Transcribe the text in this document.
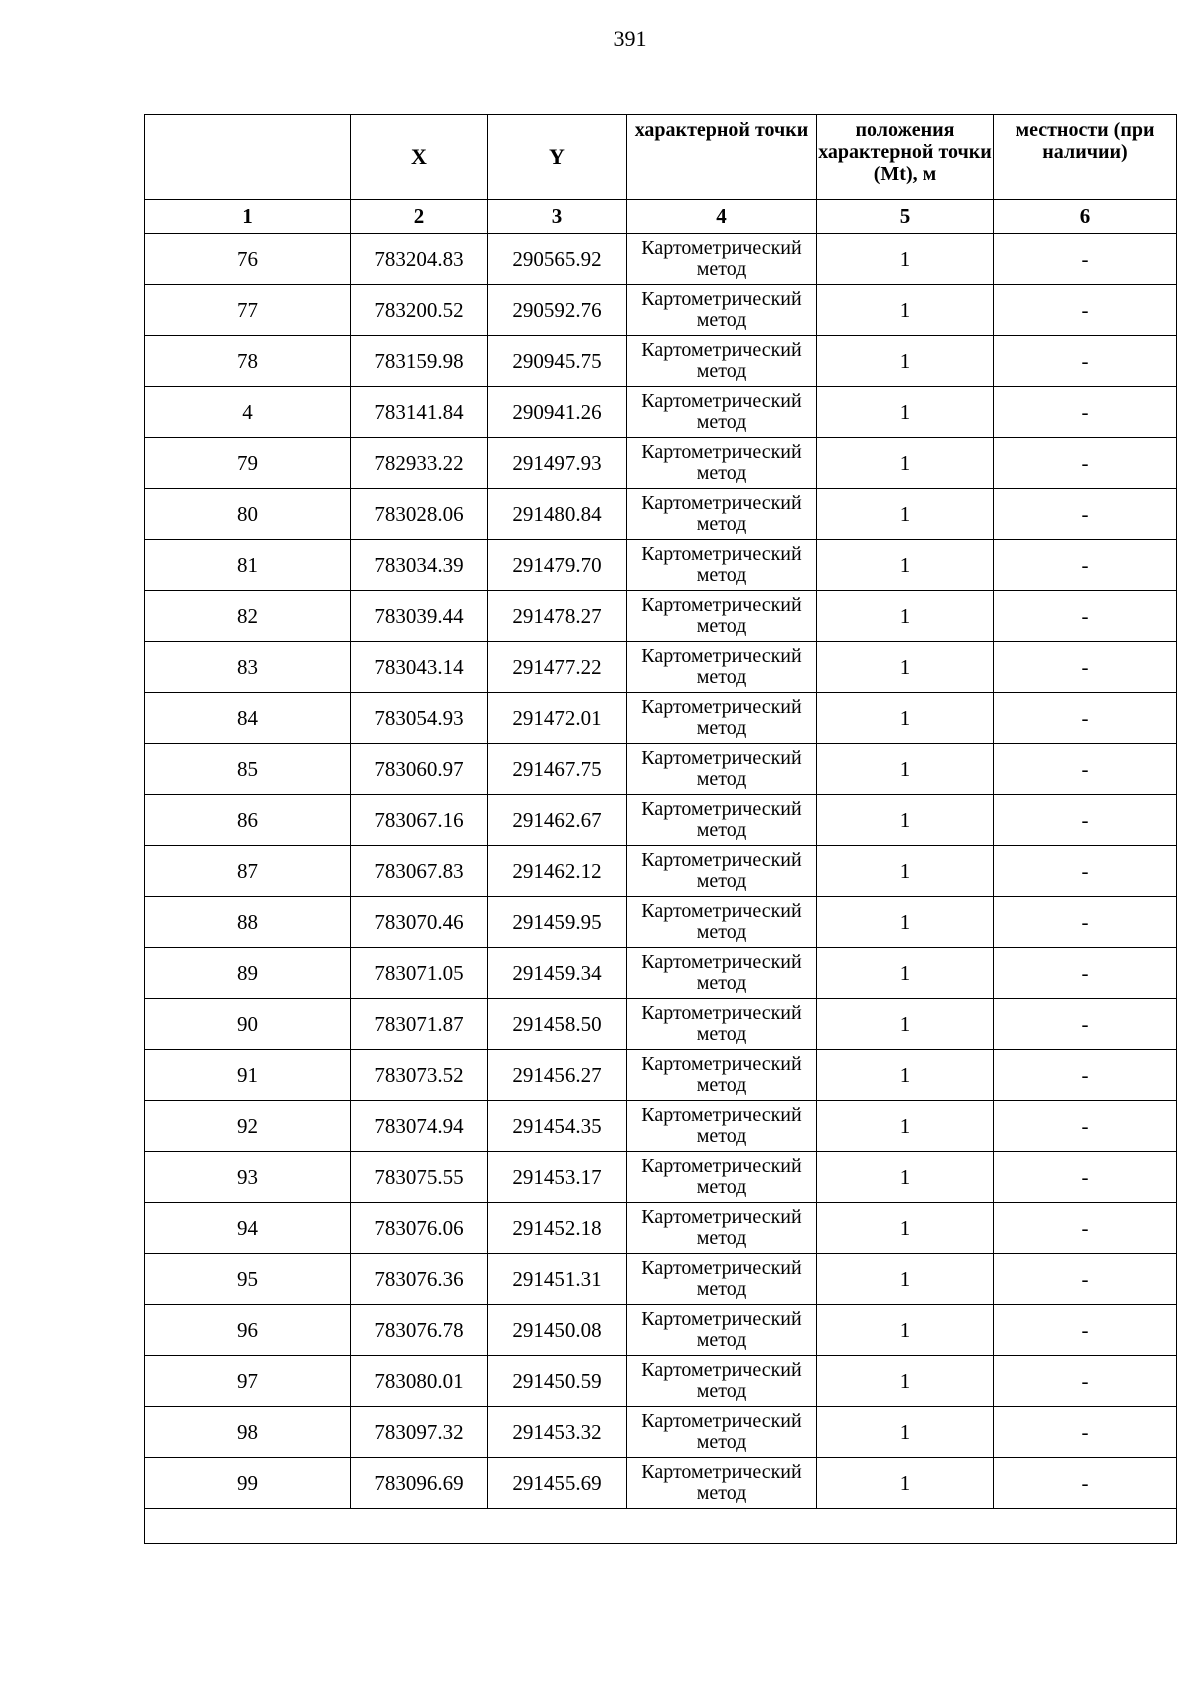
391
	X	Y	характерной точки	положения характерной точки (Mt), м	местности (при наличии)
1	2	3	4	5	6
76	783204.83	290565.92	Картометрический метод	1	-
77	783200.52	290592.76	Картометрический метод	1	-
78	783159.98	290945.75	Картометрический метод	1	-
4	783141.84	290941.26	Картометрический метод	1	-
79	782933.22	291497.93	Картометрический метод	1	-
80	783028.06	291480.84	Картометрический метод	1	-
81	783034.39	291479.70	Картометрический метод	1	-
82	783039.44	291478.27	Картометрический метод	1	-
83	783043.14	291477.22	Картометрический метод	1	-
84	783054.93	291472.01	Картометрический метод	1	-
85	783060.97	291467.75	Картометрический метод	1	-
86	783067.16	291462.67	Картометрический метод	1	-
87	783067.83	291462.12	Картометрический метод	1	-
88	783070.46	291459.95	Картометрический метод	1	-
89	783071.05	291459.34	Картометрический метод	1	-
90	783071.87	291458.50	Картометрический метод	1	-
91	783073.52	291456.27	Картометрический метод	1	-
92	783074.94	291454.35	Картометрический метод	1	-
93	783075.55	291453.17	Картометрический метод	1	-
94	783076.06	291452.18	Картометрический метод	1	-
95	783076.36	291451.31	Картометрический метод	1	-
96	783076.78	291450.08	Картометрический метод	1	-
97	783080.01	291450.59	Картометрический метод	1	-
98	783097.32	291453.32	Картометрический метод	1	-
99	783096.69	291455.69	Картометрический метод	1	-
